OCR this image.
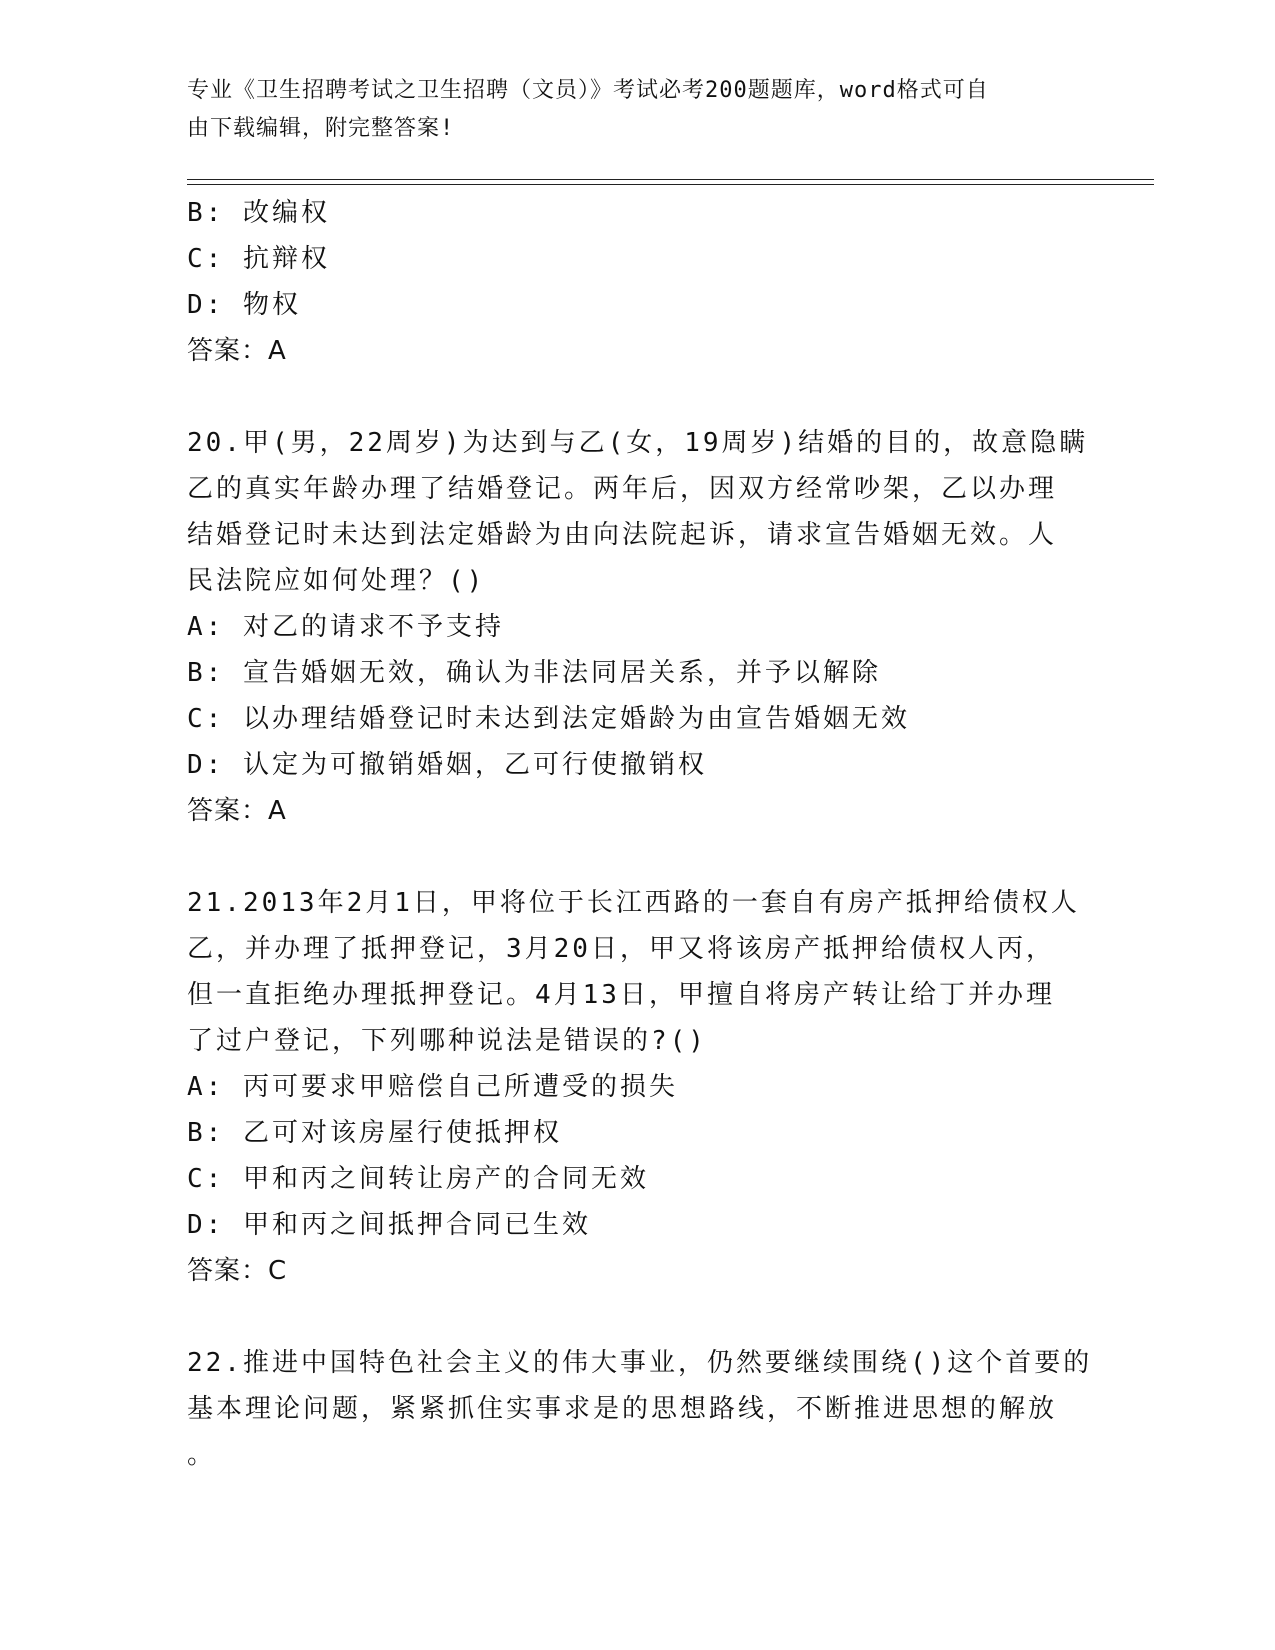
专业《卫生招聘考试之卫生招聘（文员）》考试必考200题题库，word格式可自
由下载编辑，附完整答案!
B: 改编权
C: 抗辩权
D: 物权
答案：A
20.甲(男，22周岁)为达到与乙(女，19周岁)结婚的目的，故意隐瞒
乙的真实年龄办理了结婚登记。两年后，因双方经常吵架，乙以办理
结婚登记时未达到法定婚龄为由向法院起诉，请求宣告婚姻无效。人
民法院应如何处理？()
A: 对乙的请求不予支持
B: 宣告婚姻无效，确认为非法同居关系，并予以解除
C: 以办理结婚登记时未达到法定婚龄为由宣告婚姻无效
D: 认定为可撤销婚姻，乙可行使撤销权
答案：A
21.2013年2月1日，甲将位于长江西路的一套自有房产抵押给债权人
乙，并办理了抵押登记，3月20日，甲又将该房产抵押给债权人丙，
但一直拒绝办理抵押登记。4月13日，甲擅自将房产转让给丁并办理
了过户登记，下列哪种说法是错误的?()
A: 丙可要求甲赔偿自己所遭受的损失
B: 乙可对该房屋行使抵押权
C: 甲和丙之间转让房产的合同无效
D: 甲和丙之间抵押合同已生效
答案：C
22.推进中国特色社会主义的伟大事业，仍然要继续围绕()这个首要的
基本理论问题，紧紧抓住实事求是的思想路线，不断推进思想的解放
。
